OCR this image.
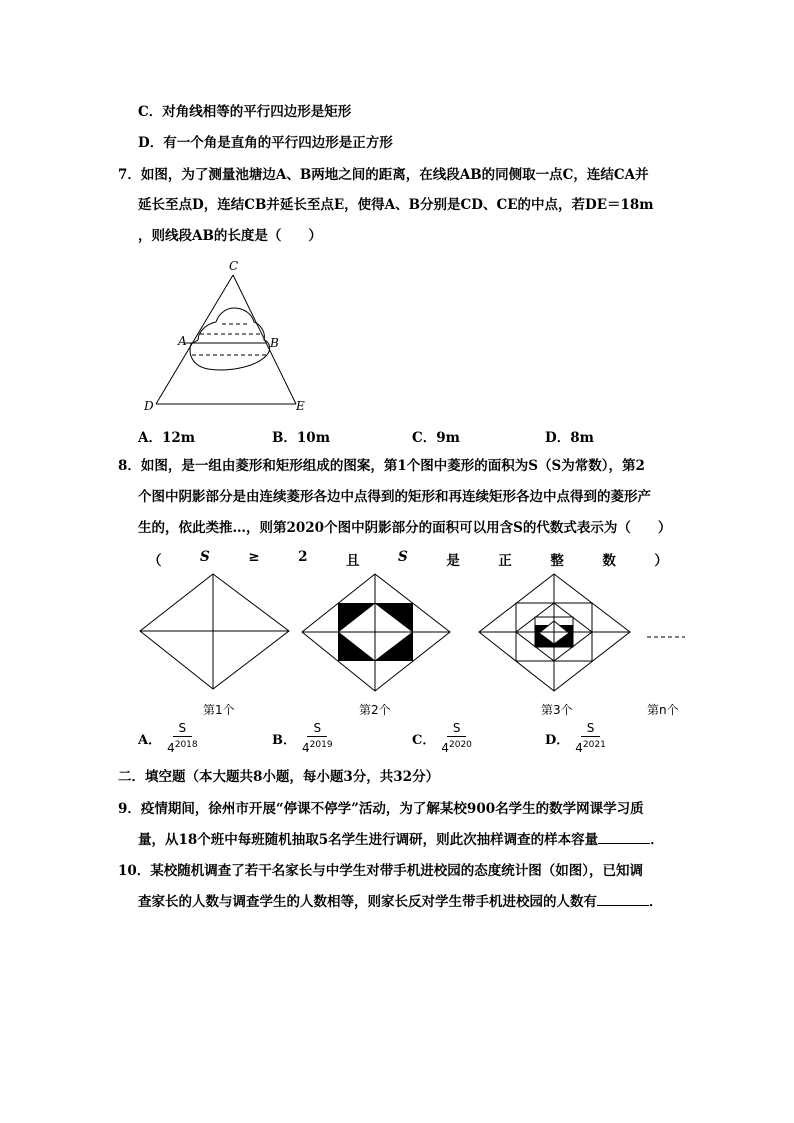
C．对角线相等的平行四边形是矩形
D．有一个角是直角的平行四边形是正方形
7．如图，为了测量池塘边A、B两地之间的距离，在线段AB的同侧取一点C，连结CA并
延长至点D，连结CB并延长至点E，使得A、B分别是CD、CE的中点，若DE＝18m
，则线段AB的长度是（　　）
C
A	B
D	E
A．12m	B．10m	C．9m	D．8m
8．如图，是一组由菱形和矩形组成的图案，第1个图中菱形的面积为S（S为常数），第2
个图中阴影部分是由连续菱形各边中点得到的矩形和再连续矩形各边中点得到的菱形产
生的，依此类推…，则第2020个图中阴影部分的面积可以用含S的代数式表示为（　　）
（	S	≥	2	且	S	是	正	整	数	）
第1个	第2个	第3个	第n个
A． $\frac{S}{4^{2018}}$	B． $\frac{S}{4^{2019}}$	C． $\frac{S}{4^{2020}}$	D． $\frac{S}{4^{2021}}$
二．填空题（本大题共8小题，每小题3分，共32分）
9．疫情期间，徐州市开展“停课不停学”活动，为了解某校900名学生的数学网课学习质
量，从18个班中每班随机抽取5名学生进行调研，则此次抽样调查的样本容量	．
10．某校随机调查了若干名家长与中学生对带手机进校园的态度统计图（如图），已知调
查家长的人数与调查学生的人数相等，则家长反对学生带手机进校园的人数有	．
